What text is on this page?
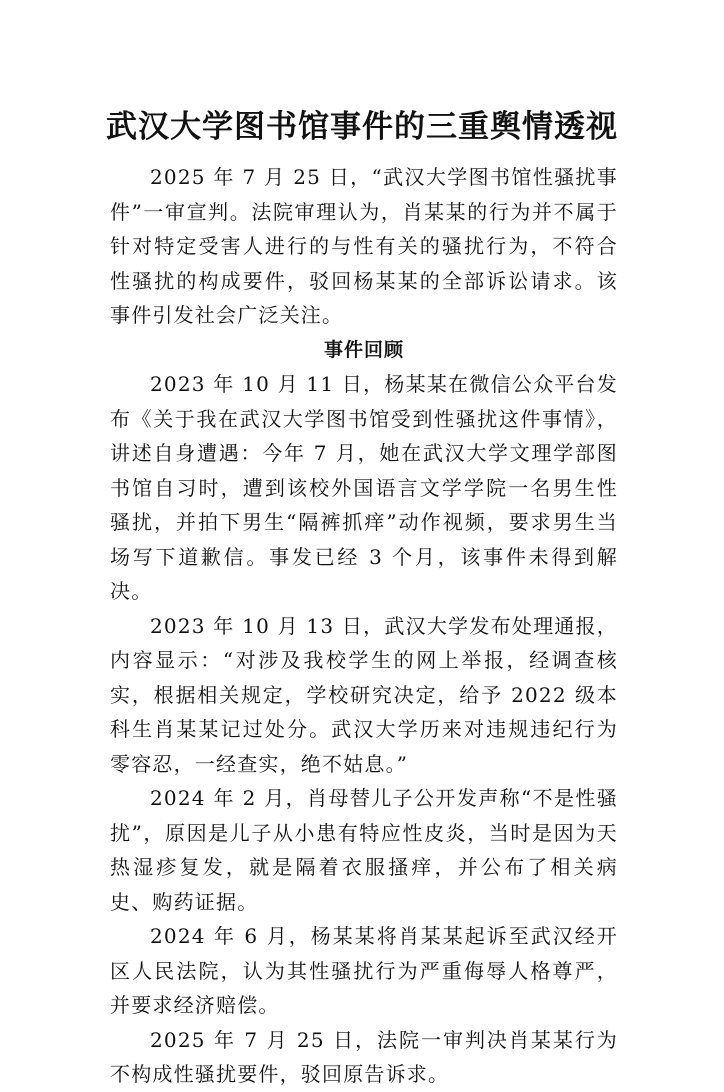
武汉大学图书馆事件的三重舆情透视

2025 年 7 月 25 日，“武汉大学图书馆性骚扰事件”一审宣判。法院审理认为，肖某某的行为并不属于针对特定受害人进行的与性有关的骚扰行为，不符合性骚扰的构成要件，驳回杨某某的全部诉讼请求。该事件引发社会广泛关注。

事件回顾

2023 年 10 月 11 日，杨某某在微信公众平台发布《关于我在武汉大学图书馆受到性骚扰这件事情》，讲述自身遭遇：今年 7 月，她在武汉大学文理学部图书馆自习时，遭到该校外国语言文学学院一名男生性骚扰，并拍下男生“隔裤抓痒”动作视频，要求男生当场写下道歉信。事发已经 3 个月，该事件未得到解决。

2023 年 10 月 13 日，武汉大学发布处理通报，内容显示：“对涉及我校学生的网上举报，经调查核实，根据相关规定，学校研究决定，给予 2022 级本科生肖某某记过处分。武汉大学历来对违规违纪行为零容忍，一经查实，绝不姑息。”

2024 年 2 月，肖母替儿子公开发声称“不是性骚扰”，原因是儿子从小患有特应性皮炎，当时是因为天热湿疹复发，就是隔着衣服搔痒，并公布了相关病史、购药证据。

2024 年 6 月，杨某某将肖某某起诉至武汉经开区人民法院，认为其性骚扰行为严重侮辱人格尊严，并要求经济赔偿。

2025 年 7 月 25 日，法院一审判决肖某某行为不构成性骚扰要件，驳回原告诉求。
